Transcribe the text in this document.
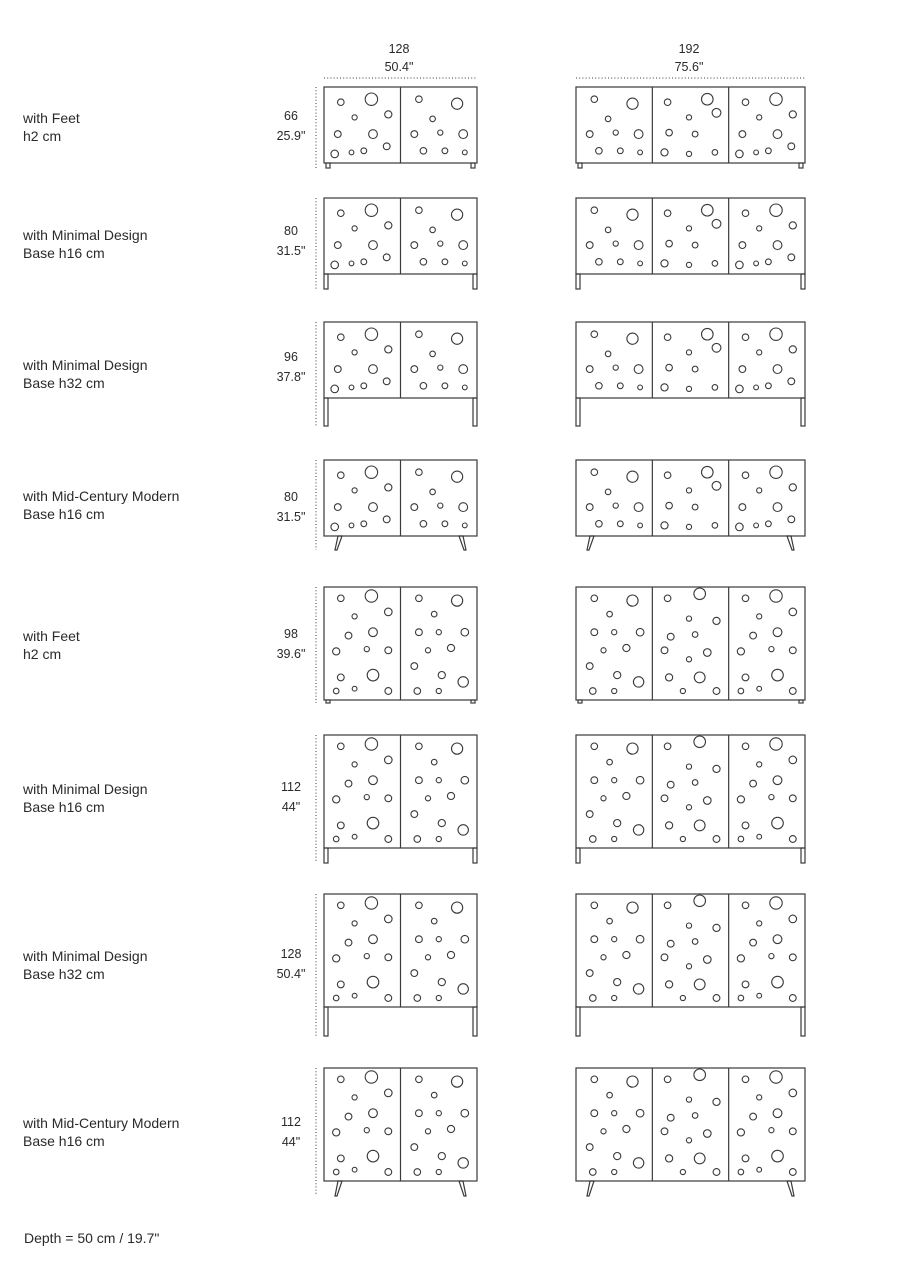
128
50.4"
192
75.6"
with Feet
h2 cm
with Minimal Design
Base h16 cm
with Minimal Design
Base h32 cm
with Mid-Century Modern
Base h16 cm
with Feet
h2 cm
with Minimal Design
Base h16 cm
with Minimal Design
Base h32 cm
with Mid-Century Modern
Base h16 cm
66
25.9"
80
31.5"
96
37.8"
80
31.5"
98
39.6"
112
44"
128
50.4"
112
44"
Depth = 50 cm / 19.7"
